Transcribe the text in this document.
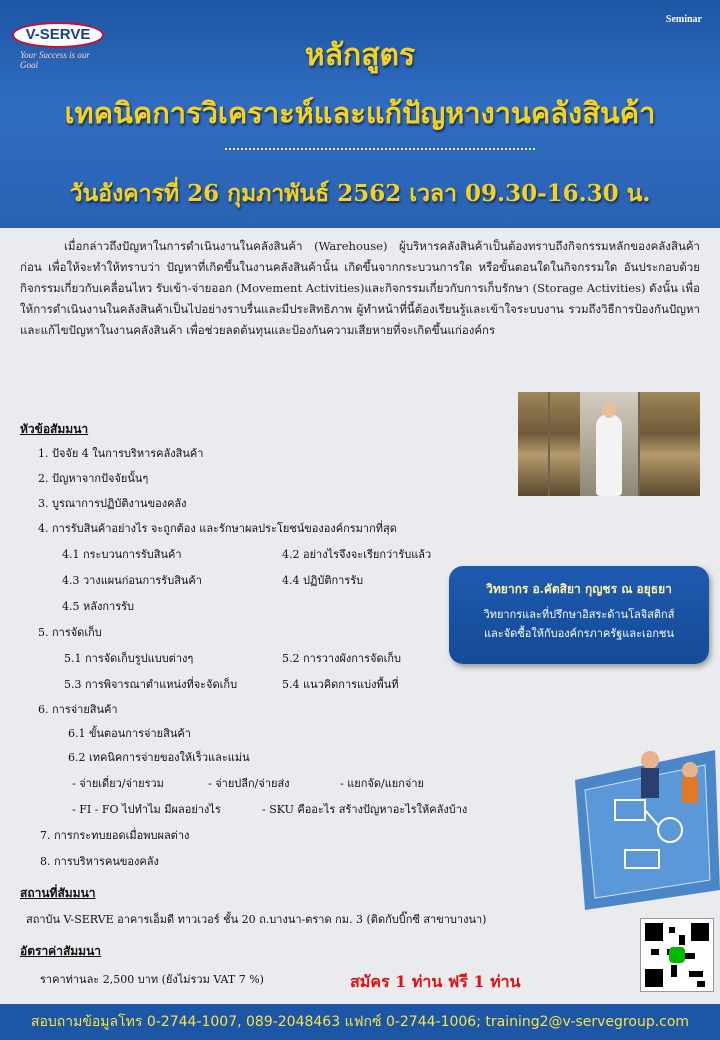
V-SERVE
Your Success is our Goal
Seminar
หลักสูตร
เทคนิคการวิเคราะห์และแก้ปัญหางานคลังสินค้า
วันอังคารที่ 26 กุมภาพันธ์ 2562 เวลา 09.30-16.30 น.
เมื่อกล่าวถึงปัญหาในการดำเนินงานในคลังสินค้า (Warehouse) ผู้บริหารคลังสินค้าเป็นต้องทราบถึงกิจกรรมหลักของคลังสินค้าก่อน เพื่อให้จะทำให้ทราบว่า ปัญหาที่เกิดขึ้นในงานคลังสินค้านั้น เกิดขึ้นจากกระบวนการใด หรือขั้นตอนใดในกิจกรรมใด อันประกอบด้วย กิจกรรมเกี่ยวกับเคลื่อนไหว รับเข้า-จ่ายออก (Movement Activities)และกิจกรรมเกี่ยวกับการเก็บรักษา (Storage Activities) ดังนั้น เพื่อให้การดำเนินงานในคลังสินค้าเป็นไปอย่างราบรื่นและมีประสิทธิภาพ ผู้ทำหน้าที่นี้ต้องเรียนรู้และเข้าใจระบบงาน รวมถึงวิธีการป้องกันปัญหา และแก้ไขปัญหาในงานคลังสินค้า เพื่อช่วยลดต้นทุนและป้องกันความเสียหายที่จะเกิดขึ้นแก่องค์กร
หัวข้อสัมมนา
1. ปัจจัย 4 ในการบริหารคลังสินค้า
2. ปัญหาจากปัจจัยนั้นๆ
3. บูรณาการปฏิบัติงานของคลัง
4. การรับสินค้าอย่างไร จะถูกต้อง และรักษาผลประโยชน์ขององค์กรมากที่สุด
4.1 กระบวนการรับสินค้า	4.2 อย่างไรจึงจะเรียกว่ารับแล้ว
4.3 วางแผนก่อนการรับสินค้า	4.4 ปฏิบัติการรับ
4.5 หลังการรับ
5. การจัดเก็บ
5.1 การจัดเก็บรูปแบบต่างๆ	5.2 การวางผังการจัดเก็บ
5.3 การพิจารณาตำแหน่งที่จะจัดเก็บ	5.4 แนวคิดการแบ่งพื้นที่
6. การจ่ายสินค้า
6.1 ขั้นตอนการจ่ายสินค้า
6.2 เทคนิคการจ่ายของให้เร็วและแม่น
- จ่ายเดี่ยว/จ่ายรวม	- จ่ายปลีก/จ่ายส่ง	- แยกจัด/แยกจ่าย
- FI - FO ไปทำไม มีผลอย่างไร	- SKU คืออะไร สร้างปัญหาอะไรให้คลังบ้าง
7. การกระทบยอดเมื่อพบผลต่าง
8. การบริหารคนของคลัง
วิทยากร อ.คัตสิยา กุญชร ณ อยุธยา
วิทยากรและที่ปรึกษาอิสระด้านโลจิสติกส์
และจัดซื้อให้กับองค์กรภาครัฐและเอกชน
สถานที่สัมมนา
สถาบัน V-SERVE อาคารเอ็มดี ทาวเวอร์ ชั้น 20 ถ.บางนา-ตราด กม. 3 (ติดกับบิ๊กซี สาขาบางนา)
อัตราค่าสัมมนา
ราคาท่านละ 2,500 บาท (ยังไม่รวม VAT 7 %)	สมัคร 1 ท่าน ฟรี 1 ท่าน
สอบถามข้อมูลโทร 0-2744-1007, 089-2048463 แฟกซ์ 0-2744-1006; training2@v-servegroup.com
